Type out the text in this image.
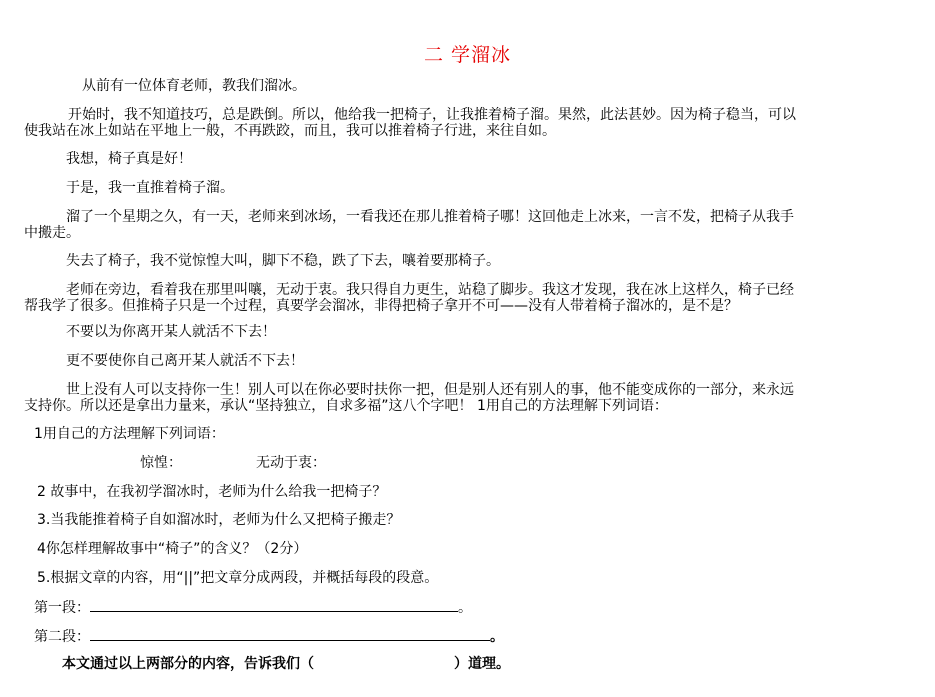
二 学溜冰
从前有一位体育老师，教我们溜冰。
开始时，我不知道技巧，总是跌倒。所以，他给我一把椅子，让我推着椅子溜。果然，此法甚妙。因为椅子稳当，可以
使我站在冰上如站在平地上一般，不再跌跤，而且，我可以推着椅子行进，来往自如。
我想，椅子真是好！
于是，我一直推着椅子溜。
溜了一个星期之久，有一天，老师来到冰场，一看我还在那儿推着椅子哪！这回他走上冰来，一言不发，把椅子从我手
中搬走。
失去了椅子，我不觉惊惶大叫，脚下不稳，跌了下去，嚷着要那椅子。
老师在旁边，看着我在那里叫嚷，无动于衷。我只得自力更生，站稳了脚步。我这才发现，我在冰上这样久，椅子已经
帮我学了很多。但推椅子只是一个过程，真要学会溜冰，非得把椅子拿开不可——没有人带着椅子溜冰的，是不是？
不要以为你离开某人就活不下去！
更不要使你自己离开某人就活不下去！
世上没有人可以支持你一生！别人可以在你必要时扶你一把，但是别人还有别人的事，他不能变成你的一部分，来永远
支持你。所以还是拿出力量来，承认“坚持独立，自求多福”这八个字吧！ 1用自己的方法理解下列词语：
1用自己的方法理解下列词语：
惊惶：	无动于衷：
2 故事中，在我初学溜冰时，老师为什么给我一把椅子？
3.当我能推着椅子自如溜冰时，老师为什么又把椅子搬走？
4你怎样理解故事中“椅子”的含义？（2分）
5.根据文章的内容，用“||”把文章分成两段，并概括每段的段意。
第一段：	。
第二段：	。
本文通过以上两部分的内容，告诉我们（	）道理。
